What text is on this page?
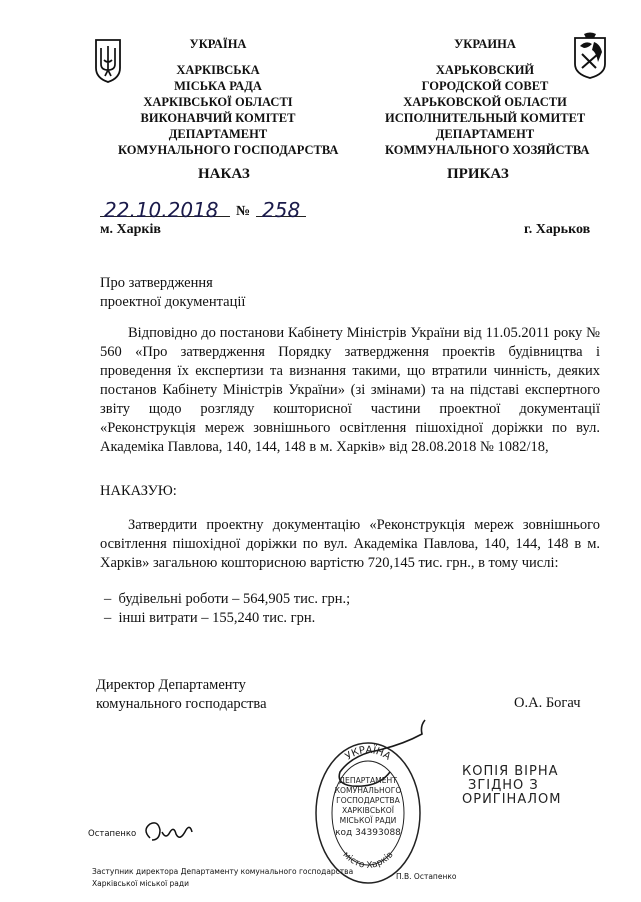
УКРАЇНА
ХАРКІВСЬКА
МІСЬКА РАДА
ХАРКІВСЬКОЇ ОБЛАСТІ
ВИКОНАВЧИЙ КОМІТЕТ
ДЕПАРТАМЕНТ
КОМУНАЛЬНОГО ГОСПОДАРСТВА
УКРАИНА
ХАРЬКОВСКИЙ
ГОРОДСКОЙ СОВЕТ
ХАРЬКОВСКОЙ ОБЛАСТИ
ИСПОЛНИТЕЛЬНЫЙ КОМИТЕТ
ДЕПАРТАМЕНТ
КОММУНАЛЬНОГО ХОЗЯЙСТВА
НАКАЗ	ПРИКАЗ
22.10.2018 № 258
м. Харків	г. Харьков
Про затвердження
проектної документації
Відповідно до постанови Кабінету Міністрів України від 11.05.2011 року № 560 «Про затвердження Порядку затвердження проектів будівництва і проведення їх експертизи та визнання такими, що втратили чинність, деяких постанов Кабінету Міністрів України» (зі змінами) та на підставі експертного звіту щодо розгляду кошторисної частини проектної документації «Реконструкція мереж зовнішнього освітлення пішохідної доріжки по вул. Академіка Павлова, 140, 144, 148 в м. Харків» від 28.08.2018 № 1082/18,
НАКАЗУЮ:
Затвердити проектну документацію «Реконструкція мереж зовнішнього освітлення пішохідної доріжки по вул. Академіка Павлова, 140, 144, 148 в м. Харків» загальною кошторисною вартістю 720,145 тис. грн., в тому числі:
– будівельні роботи – 564,905 тис. грн.;
– інші витрати – 155,240 тис. грн.
Директор Департаменту
комунального господарства	О.А. Богач
УКРАЇНА
місто Харків
ДЕПАРТАМЕНТ
КОМУНАЛЬНОГО
ГОСПОДАРСТВА
ХАРКІВСЬКОЇ
МІСЬКОЇ РАДИ
код 34393088
КОПІЯ ВІРНА
ЗГІДНО З
ОРИГІНАЛОМ
Остапенко
Заступник директора Департаменту комунального господарства
Харківської міської ради
П.В. Остапенко
